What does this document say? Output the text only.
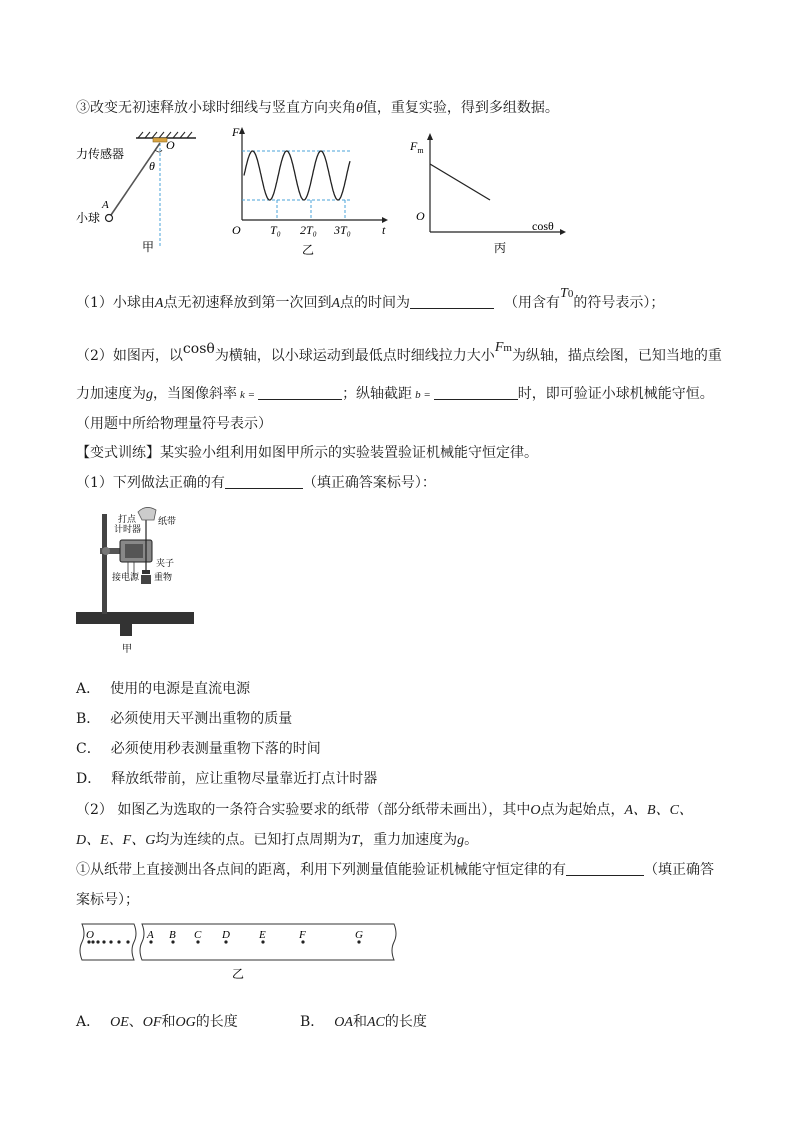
③改变无初速释放小球时细线与竖直方向夹角θ值，重复实验，得到多组数据。
O
θ
力传感器
A
小球
甲
F
t
O T₀ 2T₀ 3T₀
乙
$F_m$
O
cosθ
丙
（1）小球由A点无初速释放到第一次回到A点的时间为	（用含有T0的符号表示）；
（2）如图丙，以cosθ为横轴，以小球运动到最低点时细线拉力大小Fm为纵轴，描点绘图，已知当地的重
力加速度为g，当图像斜率 k =	；纵轴截距 b =	时，即可验证小球机械能守恒。
（用题中所给物理量符号表示）
【变式训练】某实验小组利用如图甲所示的实验装置验证机械能守恒定律。
（1）下列做法正确的有	（填正确答案标号）：
打点
计时器
纸带
夹子
接电源 重物
甲
A． 使用的电源是直流电源
B． 必须使用天平测出重物的质量
C． 必须使用秒表测量重物下落的时间
D． 释放纸带前，应让重物尽量靠近打点计时器
（2） 如图乙为选取的一条符合实验要求的纸带（部分纸带未画出），其中O点为起始点，A、B、C、
D、E、F、G均为连续的点。已知打点周期为T，重力加速度为g。
①从纸带上直接测出各点间的距离，利用下列测量值能验证机械能守恒定律的有	（填正确答
案标号）；
O	A B C D	E	F	G
乙
A． OE、OF和OG的长度	B． OA和AC的长度
